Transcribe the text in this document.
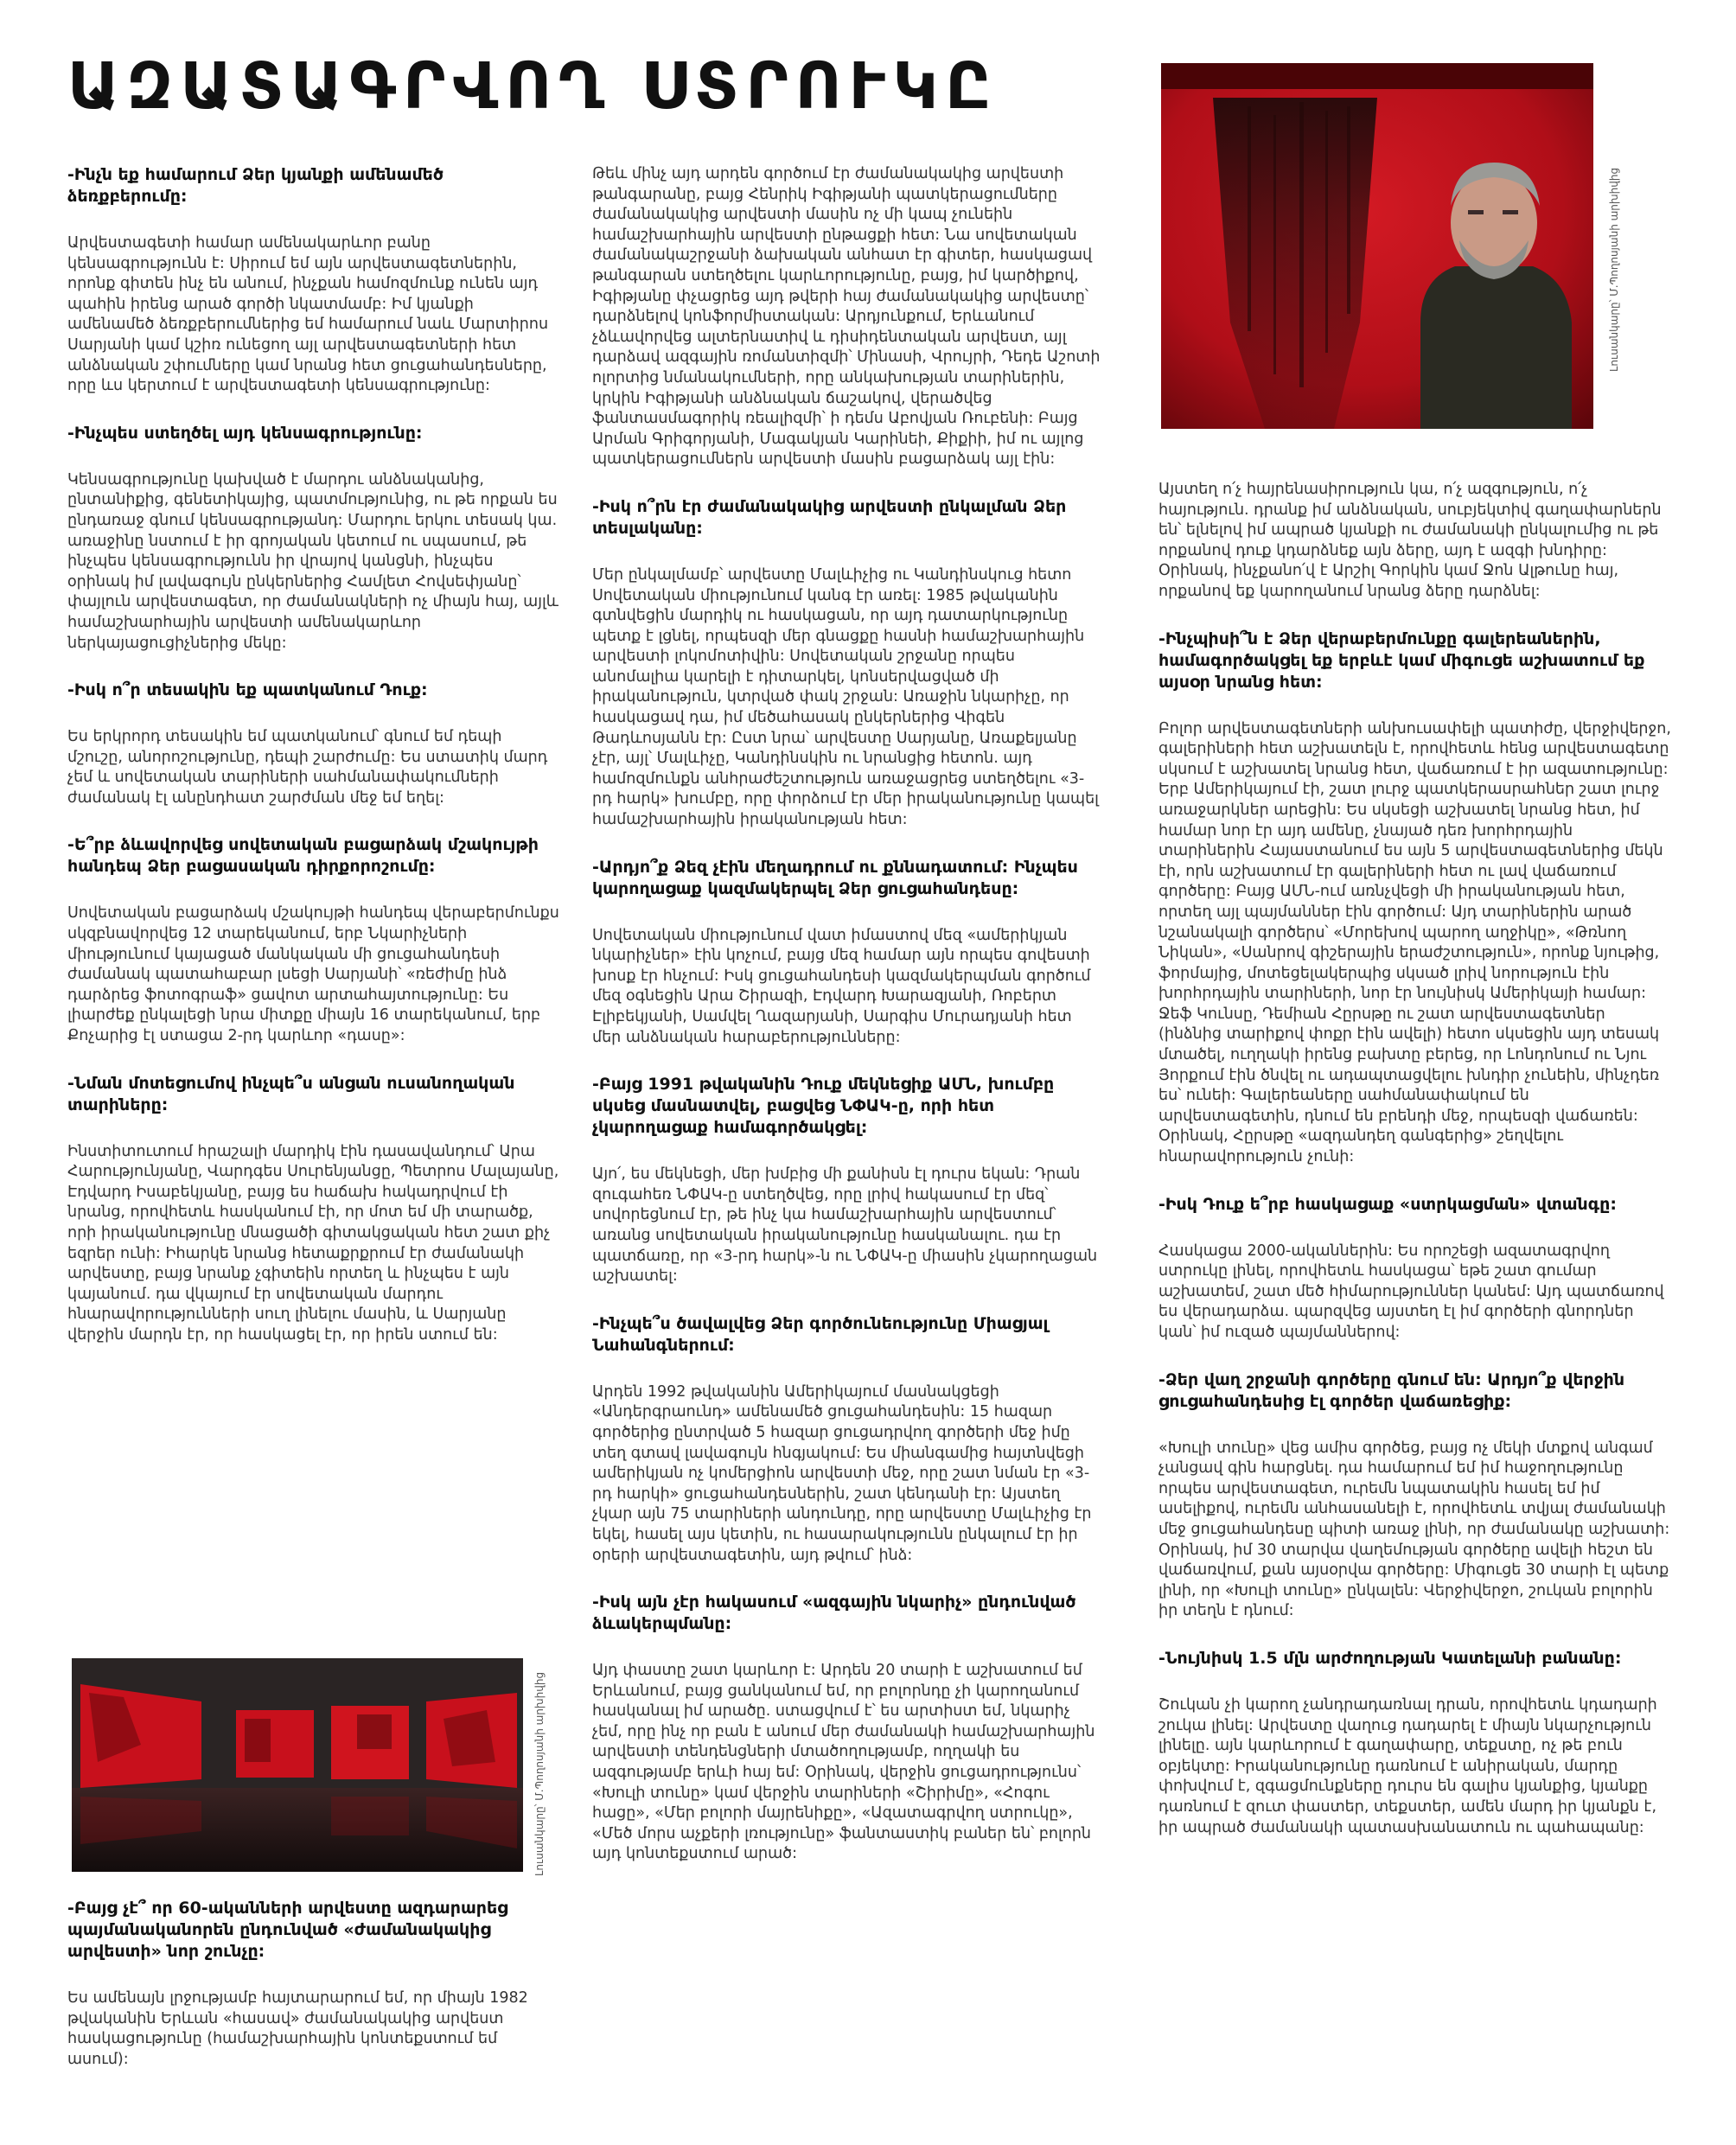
ԱԶԱՏԱԳՐՎՈՂ ՍՏՐՈՒԿԸ

-Ինչն եք համարում Ձեր կյանքի ամենամեծ ձեռքբերումը:

Արվեստագետի համար ամենակարևոր բանը կենսագրությունն է: Սիրում եմ այն արվեստագետներին, որոնք գիտեն ինչ են անում, ինչքան համոզմունք ունեն այդ պահին իրենց արած գործի նկատմամբ: Իմ կյանքի ամենամեծ ձեռքբերումներից եմ համարում նաև Մարտիրոս Սարյանի կամ կշիռ ունեցող այլ արվեստագետների հետ անձնական շփումները կամ նրանց հետ ցուցահանդեսները, որը ևս կերտում է արվեստագետի կենսագրությունը:

-Ինչպես ստեղծել այդ կենսագրությունը:

Կենսագրությունը կախված է մարդու անձնականից, ընտանիքից, գենետիկայից, պատմությունից, ու թե որքան ես ընդառաջ գնում կենսագրությանդ: Մարդու երկու տեսակ կա. առաջինը նստում է իր գրոյական կետում ու սպասում, թե ինչպես կենսագրությունն իր վրայով կանցնի, ինչպես օրինակ իմ լավագույն ընկերներից Համլետ Հովսեփյանը՝ փայլուն արվեստագետ, որ ժամանակների ոչ միայն հայ, այլև համաշխարհային արվեստի ամենակարևոր ներկայացուցիչներից մեկը:

-Իսկ ո՞ր տեսակին եք պատկանում Դուք:

Ես երկրորդ տեսակին եմ պատկանում՝ գնում եմ դեպի մշուշը, անորոշությունը, դեպի շարժումը: Ես ստատիկ մարդ չեմ և սովետական տարիների սահմանափակումների ժամանակ էլ անընդհատ շարժման մեջ եմ եղել:

-Ե՞րբ ձևավորվեց սովետական բացարձակ մշակույթի հանդեպ Ձեր բացասական դիրքորոշումը:

Սովետական բացարձակ մշակույթի հանդեպ վերաբերմունքս սկզբնավորվեց 12 տարեկանում, երբ Նկարիչների միությունում կայացած մանկական մի ցուցահանդեսի ժամանակ պատահաբար լսեցի Սարյանի՝ «ռեժիմը ինձ դարձրեց ֆոտոգրաֆ» ցավոտ արտահայտությունը: Ես լիարժեք ընկալեցի նրա միտքը միայն 16 տարեկանում, երբ Քոչարից էլ ստացա 2-րդ կարևոր «դասը»:

-Նման մոտեցումով ինչպե՞ս անցան ուսանողական տարիները:

Ինստիտուտում հրաշալի մարդիկ էին դասավանդում՝ Արա Հարությունյանը, Վարդգես Սուրենյանցը, Պետրոս Մալայանը, Էդվարդ Իսաբեկյանը, բայց ես հաճախ հակադրվում էի նրանց, որովհետև հասկանում էի, որ մոտ եմ մի տարածք, որի իրականությունը մնացածի գիտակցական հետ շատ քիչ եզրեր ունի: Իհարկե նրանց հետաքրքրում էր ժամանակի արվեստը, բայց նրանք չգիտեին որտեղ և ինչպես է այն կայանում. դա վկայում էր սովետական մարդու հնարավորությունների սուղ լինելու մասին, և Սարյանը վերջին մարդն էր, որ հասկացել էր, որ իրեն ստում են:

Լուսանկարը՝ Մ.Պողոսյանի արխիվից

-Բայց չէ՞ որ 60-ականների արվեստը ազդարարեց պայմանականորեն ընդունված «ժամանակակից արվեստի» նոր շունչը:

Ես ամենայն լրջությամբ հայտարարում եմ, որ միայն 1982 թվականին Երևան «հասավ» ժամանակակից արվեստ հասկացությունը (համաշխարհային կոնտեքստում եմ ասում):

Թեև մինչ այդ արդեն գործում էր ժամանակակից արվեստի թանգարանը, բայց Հենրիկ Իգիթյանի պատկերացումները ժամանակակից արվեստի մասին ոչ մի կապ չունեին համաշխարհային արվեստի ընթացքի հետ: Նա սովետական ժամանակաշրջանի ձախական անհատ էր գիտեր, հասկացավ թանգարան ստեղծելու կարևորությունը, բայց, իմ կարծիքով, Իգիթյանը փչացրեց այդ թվերի հայ ժամանակակից արվեստը՝ դարձնելով կոնֆորմիստական: Արդյունքում, Երևանում չձևավորվեց ալտերնատիվ և դիսիդենտական արվեստ, այլ դարձավ ազգային ռոմանտիզմի՝ Մինասի, Վրույրի, Դեդե Աշոտի ոլորտից նմանակումների, որը անկախության տարիներին, կրկին Իգիթյանի անձնական ճաշակով, վերածվեց ֆանտասմագորիկ ռեալիզմի՝ ի դեմս Աբովյան Ռուբենի: Բայց Արման Գրիգորյանի, Մագակյան Կարինեի, Քիքիի, իմ ու այլոց պատկերացումներն արվեստի մասին բացարձակ այլ էին:

-Իսկ ո՞րն էր ժամանակակից արվեստի ընկալման Ձեր տեսլականը:

Մեր ընկալմամբ՝ արվեստը Մալևիչից ու Կանդինսկուց հետո Սովետական միությունում կանգ էր առել: 1985 թվականին գտնվեցին մարդիկ ու հասկացան, որ այդ դատարկությունը պետք է լցնել, որպեսզի մեր գնացքը հասնի համաշխարհային արվեստի լոկոմոտիվին: Սովետական շրջանը որպես անոմալիա կարելի է դիտարկել, կոնսերվացված մի իրականություն, կտրված փակ շրջան: Առաջին նկարիչը, որ հասկացավ դա, իմ մեծահասակ ընկերներից Վիգեն Թադևոսյանն էր: Ըստ նրա՝ արվեստը Սարյանը, Առաքելյանը չէր, այլ՝ Մալևիչը, Կանդինսկին ու նրանցից հետոն. այդ համոզմունքն անհրաժեշտություն առաջացրեց ստեղծելու «3-րդ հարկ» խումբը, որը փորձում էր մեր իրականությունը կապել համաշխարհային իրականության հետ:

-Արդյո՞ք Ձեզ չէին մեղադրում ու քննադատում: Ինչպես կարողացաք կազմակերպել Ձեր ցուցահանդեսը:

Սովետական միությունում վատ իմաստով մեզ «ամերիկյան նկարիչներ» էին կոչում, բայց մեզ համար այն որպես գովեստի խոսք էր հնչում: Իսկ ցուցահանդեսի կազմակերպման գործում մեզ օգնեցին Արա Շիրազի, Էդվարդ Խարազյանի, Ռոբերտ Էլիբեկյանի, Սամվել Ղազարյանի, Սարգիս Մուրադյանի հետ մեր անձնական հարաբերությունները:

-Բայց 1991 թվականին Դուք մեկնեցիք ԱՄՆ, խումբը սկսեց մասնատվել, բացվեց ՆՓԱԿ-ը, որի հետ չկարողացաք համագործակցել:

Այո՛, ես մեկնեցի, մեր խմբից մի քանիսն էլ դուրս եկան: Դրան զուգահեռ ՆՓԱԿ-ը ստեղծվեց, որը լրիվ հակասում էր մեզ՝ սովորեցնում էր, թե ինչ կա համաշխարհային արվեստում՝ առանց սովետական իրականությունը հասկանալու. դա էր պատճառը, որ «3-րդ հարկ»-ն ու ՆՓԱԿ-ը միասին չկարողացան աշխատել:

-Ինչպե՞ս ծավալվեց Ձեր գործունեությունը Միացյալ Նահանգներում:

Արդեն 1992 թվականին Ամերիկայում մասնակցեցի «Անդերգրաունդ» ամենամեծ ցուցահանդեսին: 15 հազար գործերից ընտրված 5 հազար ցուցադրվող գործերի մեջ իմը տեղ գտավ լավագույն հնգյակում: Ես միանգամից հայտնվեցի ամերիկյան ոչ կոմերցիոն արվեստի մեջ, որը շատ նման էր «3-րդ հարկի» ցուցահանդեսներին, շատ կենդանի էր: Այստեղ չկար այն 75 տարիների անդունդը, որը արվեստը Մալևիչից էր եկել, հասել այս կետին, ու հասարակությունն ընկալում էր իր օրերի արվեստագետին, այդ թվում՝ ինձ:

-Իսկ այն չէր հակասում «ազգային նկարիչ» ընդունված ձևակերպմանը:

Այդ փաստը շատ կարևոր է: Արդեն 20 տարի է աշխատում եմ Երևանում, բայց ցանկանում եմ, որ բոլորնդը չի կարողանում հասկանալ իմ արածը. ստացվում է՝ ես արտիստ եմ, նկարիչ չեմ, որը ինչ որ բան է անում մեր ժամանակի համաշխարհային արվեստի տենդենցների մտածողությամբ, ողղակի ես ազգությամբ երևի հայ եմ: Օրինակ, վերջին ցուցադրությունս՝ «Խուլի տունը» կամ վերջին տարիների «Շիրիմը», «Հոգու հացը», «Մեր բոլորի մայրենիքը», «Ազատագրվող ստրուկը», «Մեծ մորս աչքերի լռությունը» ֆանտաստիկ բաներ են՝ բոլորն այդ կոնտեքստում արած:

Լուսանկարը՝ Մ.Պողոսյանի արխիվից

Այստեղ ո՛չ հայրենասիրություն կա, ո՛չ ազգություն, ո՛չ հայություն. դրանք իմ անձնական, սուբյեկտիվ գաղափարներն են՝ ելնելով իմ ապրած կյանքի ու ժամանակի ընկալումից ու թե որքանով դուք կդարձնեք այն ձերը, այդ է ազգի խնդիրը: Օրինակ, ինչքանո՛վ է Արշիլ Գորկին կամ Ջոն Ալթունը հայ, որքանով եք կարողանում նրանց ձերը դարձնել:

-Ինչպիսի՞ն է Ձեր վերաբերմունքը գալերեաներին, համագործակցել եք երբևէ կամ միգուցե աշխատում եք այսօր նրանց հետ:

Բոլոր արվեստագետների անխուսափելի պատիժը, վերջիվերջո, գալերիների հետ աշխատելն է, որովհետև հենց արվեստագետը սկսում է աշխատել նրանց հետ, վաճառում է իր ազատությունը: Երբ Ամերիկայում էի, շատ լուրջ պատկերասրահներ շատ լուրջ առաջարկներ արեցին: Ես սկսեցի աշխատել նրանց հետ, իմ համար նոր էր այդ ամենը, չնայած դեռ խորհրդային տարիներին Հայաստանում ես այն 5 արվեստագետներից մեկն էի, որն աշխատում էր գալերիների հետ ու լավ վաճառում գործերը: Բայց ԱՄՆ-ում առնչվեցի մի իրականության հետ, որտեղ այլ պայմաններ էին գործում: Այդ տարիներին արած նշանակալի գործերս՝ «Մորեխով պարող աղջիկը», «Թռնող Նիկան», «Սանրով գիշերային երաժշտություն», որոնք նյութից, ֆորմայից, մոտեցելակերպից սկսած լրիվ նորություն էին խորհրդային տարիների, նոր էր նույնիսկ Ամերիկայի համար: Ջեֆ Կունսը, Դեմիան Հըրսթը ու շատ արվեստագետներ (ինձնից տարիքով փոքր էին ավելի) հետո սկսեցին այդ տեսակ մտածել, ուղղակի իրենց բախտը բերեց, որ Լոնդոնում ու Նյու Յորքում էին ծնվել ու ադապտացվելու խնդիր չունեին, մինչդեռ ես՝ ունեի: Գալերեաները սահմանափակում են արվեստագետին, դնում են բրենդի մեջ, որպեսզի վաճառեն: Օրինակ, Հըրսթը «ազդանդեղ գանգերից» շեղվելու հնարավորություն չունի:

-Իսկ Դուք ե՞րբ հասկացաք «ստրկացման» վտանգը:

Հասկացա 2000-ականներին: Ես որոշեցի ազատագրվող ստրուկը լինել, որովհետև հասկացա՝ եթե շատ գումար աշխատեմ, շատ մեծ հիմարություններ կանեմ: Այդ պատճառով ես վերադարձա. պարզվեց այստեղ էլ իմ գործերի գնորդներ կան՝ իմ ուզած պայմաններով:

-Ձեր վաղ շրջանի գործերը գնում են: Արդյո՞ք վերջին ցուցահանդեսից էլ գործեր վաճառեցիք:

«Խուլի տունը» վեց ամիս գործեց, բայց ոչ մեկի մտքով անգամ չանցավ գին հարցնել. դա համարում եմ իմ հաջողությունը որպես արվեստագետ, ուրեմն նպատակին հասել եմ իմ ասելիքով, ուրեմն անհասանելի է, որովհետև տվյալ ժամանակի մեջ ցուցահանդեսը պիտի առաջ լինի, որ ժամանակը աշխատի: Օրինակ, իմ 30 տարվա վաղեմության գործերը ավելի հեշտ են վաճառվում, քան այսօրվա գործերը: Միգուցե 30 տարի էլ պետք լինի, որ «Խուլի տունը» ընկալեն: Վերջիվերջո, շուկան բոլորին իր տեղն է դնում:

-Նույնիսկ 1.5 մլն արժողության Կատելանի բանանը:

Շուկան չի կարող չանդրադառնալ դրան, որովհետև կդադարի շուկա լինել: Արվեստը վաղուց դադարել է միայն նկարչություն լինելը. այն կարևորում է գաղափարը, տեքստը, ոչ թե բուն օբյեկտը: Իրականությունը դառնում է անիրական, մարդը փոխվում է, զգացմունքները դուրս են գալիս կյանքից, կյանքը դառնում է զուտ փաստեր, տեքստեր, ամեն մարդ իր կյանքն է, իր ապրած ժամանակի պատասխանատուն ու պահապանը:
